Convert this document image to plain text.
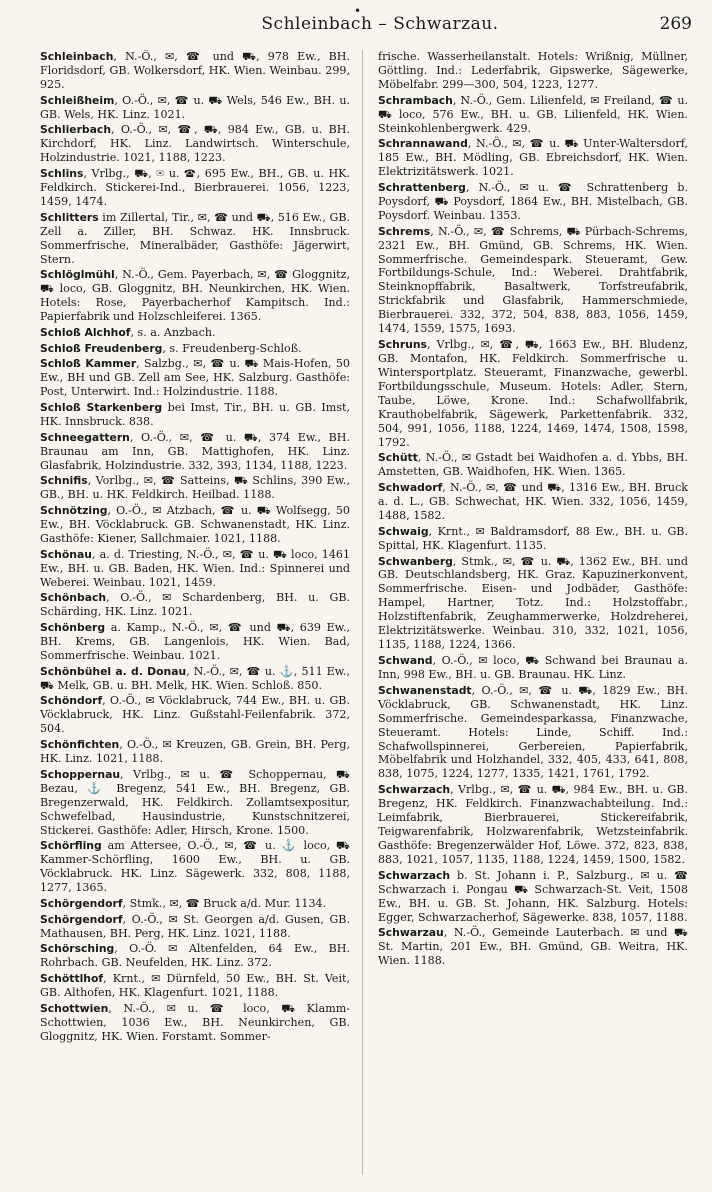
•
Schleinbach – Schwarzau.	269

Schleinbach, N.-Ö., ✉, ☎ und ⛟, 978 Ew., BH. Floridsdorf, GB. Wolkersdorf, HK. Wien. Weinbau. 299, 925.

Schleißheim, O.-Ö., ✉, ☎ u. ⛟ Wels, 546 Ew., BH. u. GB. Wels, HK. Linz. 1021.

Schlierbach, O.-Ö., ✉, ☎, ⛟, 984 Ew., GB. u. BH. Kirchdorf, HK. Linz. Landwirtsch. Winterschule, Holzindustrie. 1021, 1188, 1223.

Schlins, Vrlbg., ⛟, ✉ u. ☎, 695 Ew., BH., GB. u. HK. Feldkirch. Stickerei-Ind., Bierbrauerei. 1056, 1223, 1459, 1474.

Schlitters im Zillertal, Tir., ✉, ☎ und ⛟, 516 Ew., GB. Zell a. Ziller, BH. Schwaz. HK. Innsbruck. Sommerfrische, Mineralbäder, Gasthöfe: Jägerwirt, Stern.

Schlöglmühl, N.-Ö., Gem. Payerbach, ✉, ☎ Gloggnitz, ⛟ loco, GB. Gloggnitz, BH. Neunkirchen, HK. Wien. Hotels: Rose, Payerbacherhof Kampitsch. Ind.: Papierfabrik und Holzschleiferei. 1365.

Schloß Alchhof, s. a. Anzbach.

Schloß Freudenberg, s. Freudenberg-Schloß.

Schloß Kammer, Salzbg., ✉, ☎ u. ⛟ Mais-Hofen, 50 Ew., BH und GB. Zell am See, HK. Salzburg. Gasthöfe: Post, Unterwirt. Ind.: Holzindustrie. 1188.

Schloß Starkenberg bei Imst, Tir., BH. u. GB. Imst, HK. Innsbruck. 838.

Schneegattern, O.-Ö., ✉, ☎ u. ⛟, 374 Ew., BH. Braunau am Inn, GB. Mattighofen, HK. Linz. Glasfabrik, Holzindustrie. 332, 393, 1134, 1188, 1223.

Schnifis, Vorlbg., ✉, ☎ Satteins, ⛟ Schlins, 390 Ew., GB., BH. u. HK. Feldkirch. Heilbad. 1188.

Schnötzing, O.-Ö., ✉ Atzbach, ☎ u. ⛟ Wolfsegg, 50 Ew., BH. Vöcklabruck. GB. Schwanenstadt, HK. Linz. Gasthöfe: Kiener, Sallchmaier. 1021, 1188.

Schönau, a. d. Triesting, N.-Ö., ✉, ☎ u. ⛟ loco, 1461 Ew., BH. u. GB. Baden, HK. Wien. Ind.: Spinnerei und Weberei. Weinbau. 1021, 1459.

Schönbach, O.-Ö., ✉ Schardenberg, BH. u. GB. Schärding, HK. Linz. 1021.

Schönberg a. Kamp., N.-Ö., ✉, ☎ und ⛟, 639 Ew., BH. Krems, GB. Langenlois, HK. Wien. Bad, Sommerfrische. Weinbau. 1021.

Schönbühel a. d. Donau, N.-Ö., ✉, ☎ u. ⚓, 511 Ew., ⛟ Melk, GB. u. BH. Melk, HK. Wien. Schloß. 850.

Schöndorf, O.-Ö., ✉ Vöcklabruck, 744 Ew., BH. u. GB. Vöcklabruck, HK. Linz. Gußstahl-Feilenfabrik. 372, 504.

Schönfichten, O.-Ö., ✉ Kreuzen, GB. Grein, BH. Perg, HK. Linz. 1021, 1188.

Schoppernau, Vrlbg., ✉ u. ☎ Schoppernau, ⛟ Bezau, ⚓ Bregenz, 541 Ew., BH. Bregenz, GB. Bregenzerwald, HK. Feldkirch. Zollamtsexpositur, Schwefelbad, Hausindustrie, Kunstschnitzerei, Stickerei. Gasthöfe: Adler, Hirsch, Krone. 1500.

Schörfling am Attersee, O.-Ö., ✉, ☎ u. ⚓ loco, ⛟ Kammer-Schörfling, 1600 Ew., BH. u. GB. Vöcklabruck. HK. Linz. Sägewerk. 332, 808, 1188, 1277, 1365.

Schörgendorf, Stmk., ✉, ☎ Bruck a/d. Mur. 1134.

Schörgendorf, O.-Ö., ✉ St. Georgen a/d. Gusen, GB. Mathausen, BH. Perg, HK. Linz. 1021, 1188.

Schörsching, O.-Ö. ✉ Altenfelden, 64 Ew., BH. Rohrbach. GB. Neufelden, HK. Linz. 372.

Schöttlhof, Krnt., ✉ Dürnfeld, 50 Ew., BH. St. Veit, GB. Althofen, HK. Klagenfurt. 1021, 1188.

Schottwien, N.-Ö., ✉ u. ☎ loco, ⛟ Klamm-Schottwien, 1036 Ew., BH. Neunkirchen, GB. Gloggnitz, HK. Wien. Forstamt. Sommer-

frische. Wasserheilanstalt. Hotels: Wrißnig, Müllner, Göttling. Ind.: Lederfabrik, Gipswerke, Sägewerke, Möbelfabr. 299—300, 504, 1223, 1277.

Schrambach, N.-Ö., Gem. Lilienfeld, ✉ Freiland, ☎ u. ⛟ loco, 576 Ew., BH. u. GB. Lilienfeld, HK. Wien. Steinkohlenbergwerk. 429.

Schrannawand, N.-Ö., ✉, ☎ u. ⛟ Unter-Waltersdorf, 185 Ew., BH. Mödling, GB. Ebreichsdorf, HK. Wien. Elektrizitätswerk. 1021.

Schrattenberg, N.-Ö., ✉ u. ☎ Schrattenberg b. Poysdorf, ⛟ Poysdorf, 1864 Ew., BH. Mistelbach, GB. Poysdorf. Weinbau. 1353.

Schrems, N.-Ö., ✉, ☎ Schrems, ⛟ Pürbach-Schrems, 2321 Ew., BH. Gmünd, GB. Schrems, HK. Wien. Sommerfrische. Gemeindespark. Steueramt, Gew. Fortbildungs-Schule, Ind.: Weberei. Drahtfabrik, Steinknopffabrik, Basaltwerk, Torfstreufabrik, Strickfabrik und Glasfabrik, Hammerschmiede, Bierbrauerei. 332, 372, 504, 838, 883, 1056, 1459, 1474, 1559, 1575, 1693.

Schruns, Vrlbg., ✉, ☎, ⛟, 1663 Ew., BH. Bludenz, GB. Montafon, HK. Feldkirch. Sommerfrische u. Wintersportplatz. Steueramt, Finanzwache, gewerbl. Fortbildungsschule, Museum. Hotels: Adler, Stern, Taube, Löwe, Krone. Ind.: Schafwollfabrik, Krauthobelfabrik, Sägewerk, Parkettenfabrik. 332, 504, 991, 1056, 1188, 1224, 1469, 1474, 1508, 1598, 1792.

Schütt, N.-Ö., ✉ Gstadt bei Waidhofen a. d. Ybbs, BH. Amstetten, GB. Waidhofen, HK. Wien. 1365.

Schwadorf, N.-Ö., ✉, ☎ und ⛟, 1316 Ew., BH. Bruck a. d. L., GB. Schwechat, HK. Wien. 332, 1056, 1459, 1488, 1582.

Schwaig, Krnt., ✉ Baldramsdorf, 88 Ew., BH. u. GB. Spittal, HK. Klagenfurt. 1135.

Schwanberg, Stmk., ✉, ☎ u. ⛟, 1362 Ew., BH. und GB. Deutschlandsberg, HK. Graz. Kapuzinerkonvent, Sommerfrische. Eisen- und Jodbäder, Gasthöfe: Hampel, Hartner, Totz. Ind.: Holzstoffabr., Holzstiftenfabrik, Zeughammerwerke, Holzdreherei, Elektrizitätswerke. Weinbau. 310, 332, 1021, 1056, 1135, 1188, 1224, 1366.

Schwand, O.-Ö., ✉ loco, ⛟ Schwand bei Braunau a. Inn, 998 Ew., BH. u. GB. Braunau. HK. Linz.

Schwanenstadt, O.-Ö., ✉, ☎ u. ⛟, 1829 Ew., BH. Vöcklabruck, GB. Schwanenstadt, HK. Linz. Sommerfrische. Gemeindesparkassa, Finanzwache, Steueramt. Hotels: Linde, Schiff. Ind.: Schafwollspinnerei, Gerbereien, Papierfabrik, Möbelfabrik und Holzhandel, 332, 405, 433, 641, 808, 838, 1075, 1224, 1277, 1335, 1421, 1761, 1792.

Schwarzach, Vrlbg., ✉, ☎ u. ⛟, 984 Ew., BH. u. GB. Bregenz, HK. Feldkirch. Finanzwachabteilung. Ind.: Leimfabrik, Bierbrauerei, Stickereifabrik, Teigwarenfabrik, Holzwarenfabrik, Wetzsteinfabrik. Gasthöfe: Bregenzerwälder Hof, Löwe. 372, 823, 838, 883, 1021, 1057, 1135, 1188, 1224, 1459, 1500, 1582.

Schwarzach b. St. Johann i. P., Salzburg., ✉ u. ☎ Schwarzach i. Pongau ⛟ Schwarzach-St. Veit, 1508 Ew., BH. u. GB. St. Johann, HK. Salzburg. Hotels: Egger, Schwarzacherhof, Sägewerke. 838, 1057, 1188.

Schwarzau, N.-Ö., Gemeinde Lauterbach. ✉ und ⛟ St. Martin, 201 Ew., BH. Gmünd, GB. Weitra, HK. Wien. 1188.
